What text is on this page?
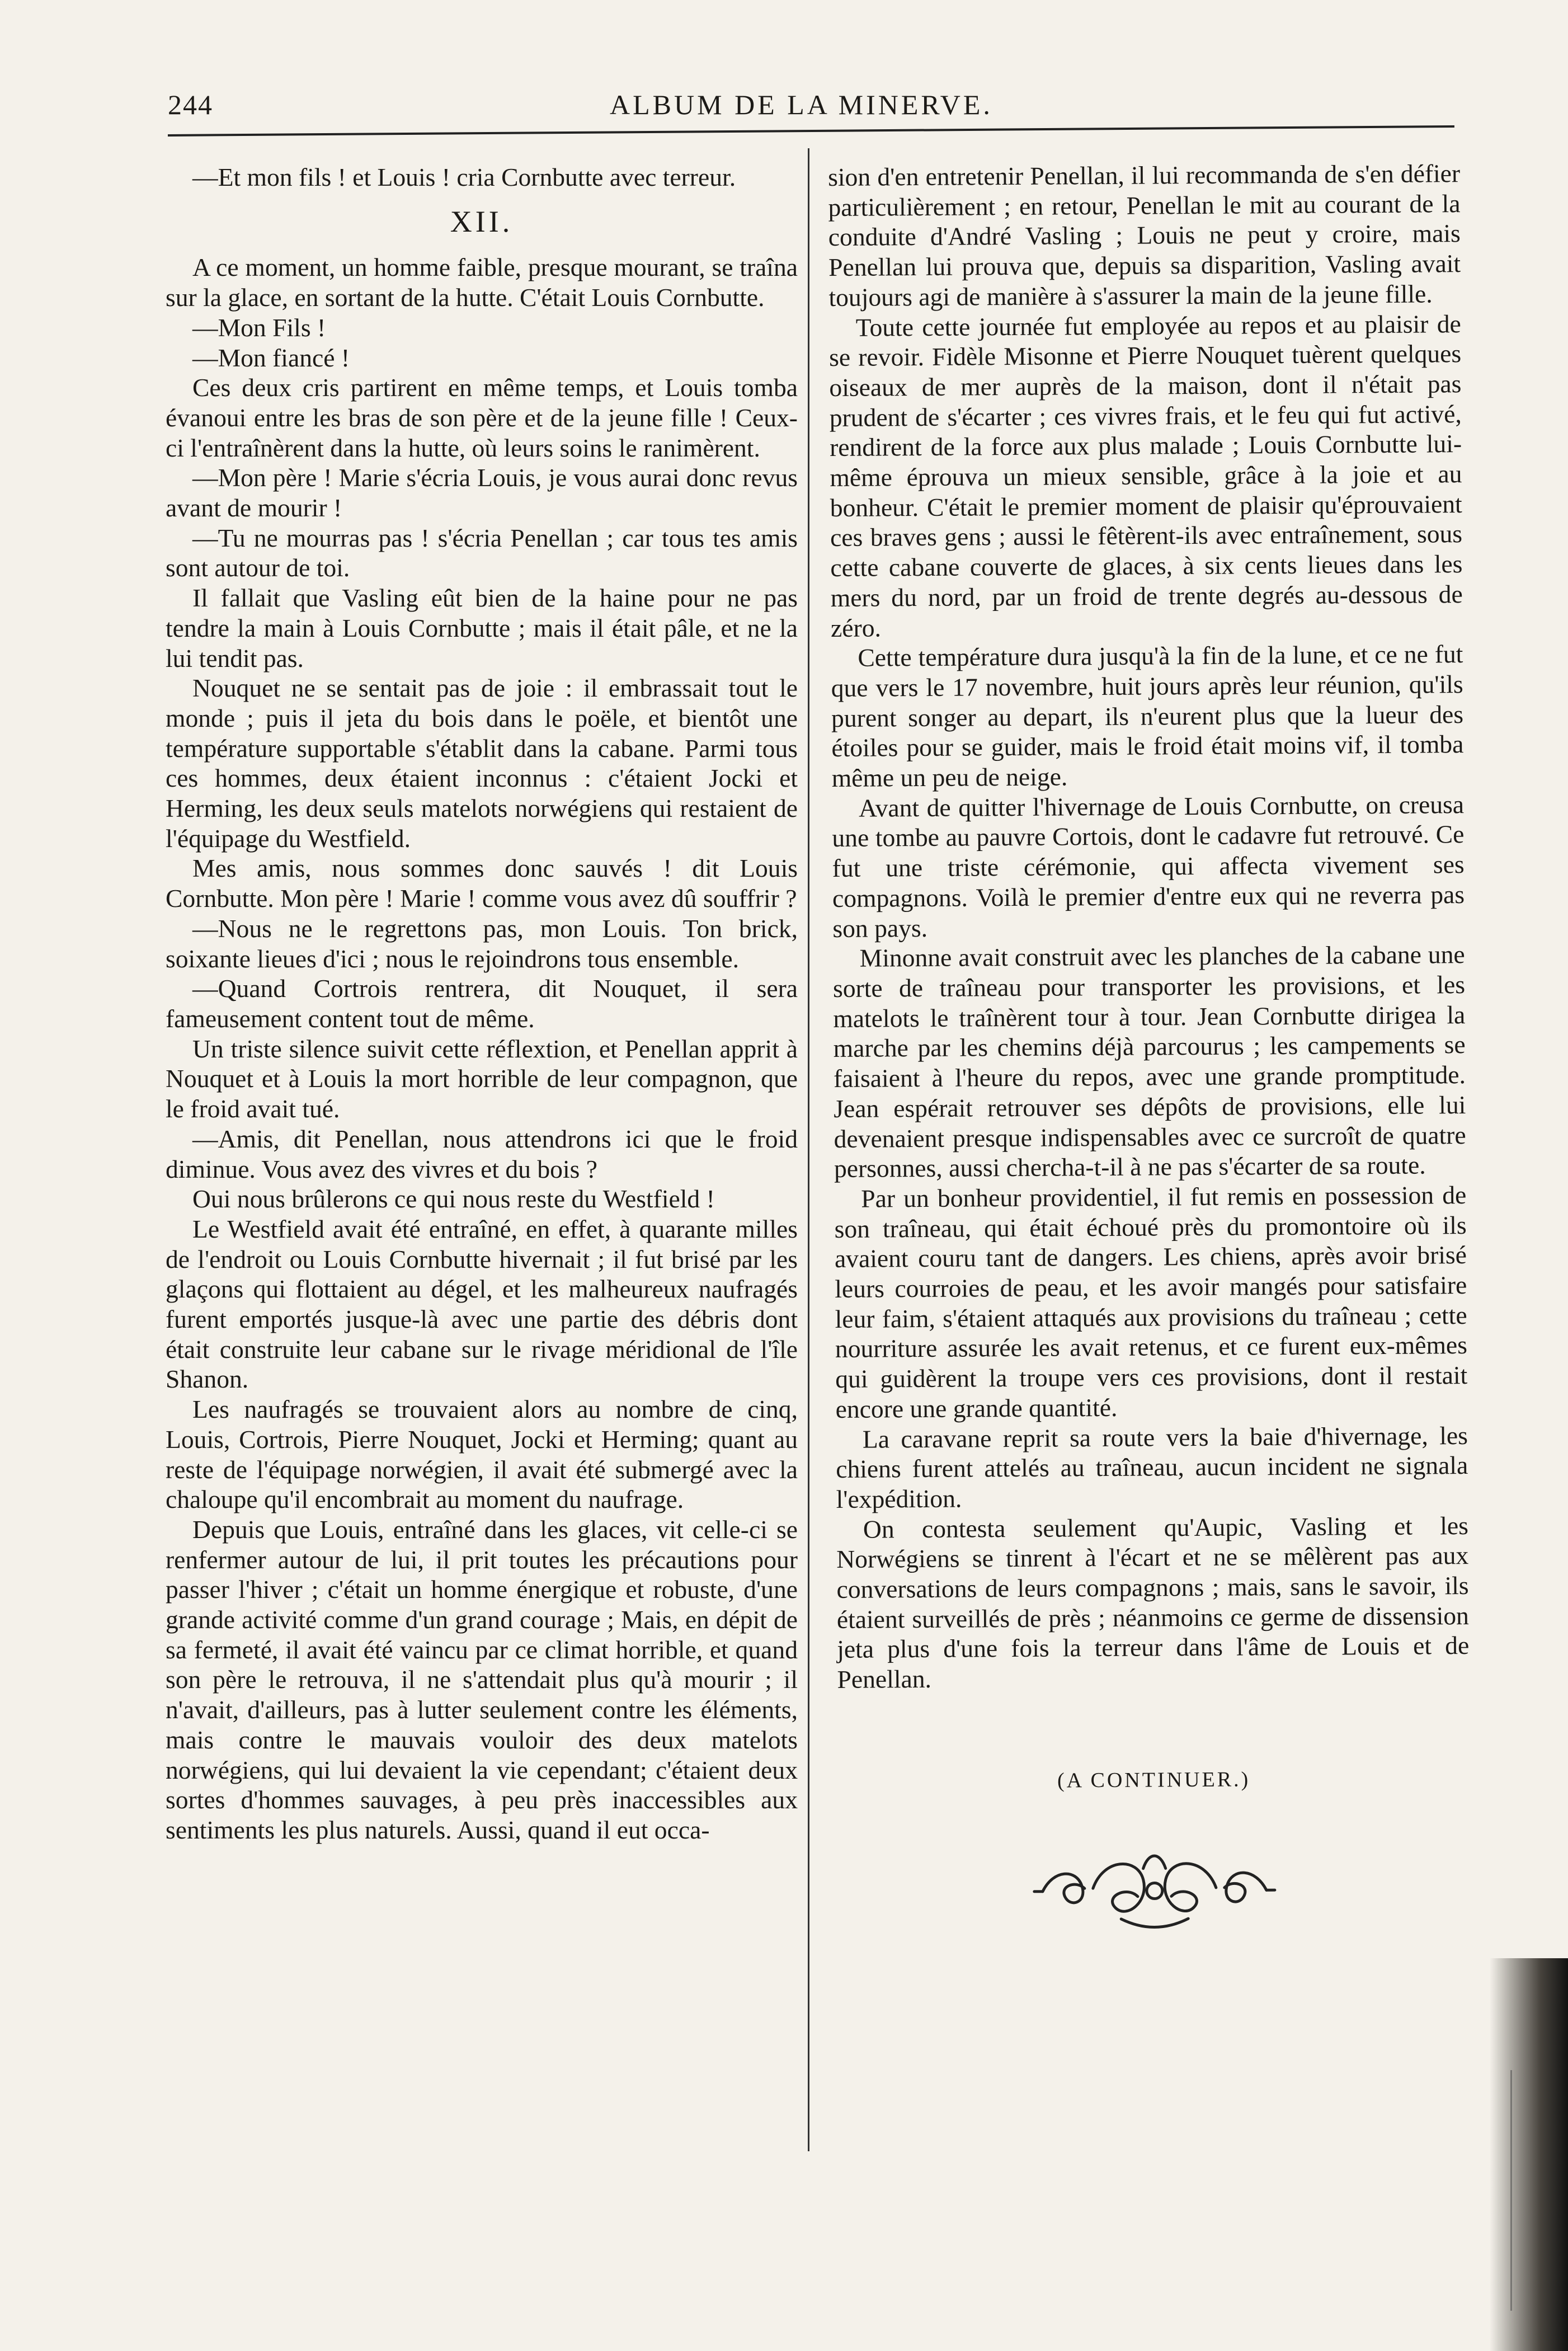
244	ALBUM DE LA MINERVE.

—Et mon fils ! et Louis ! cria Cornbutte avec terreur.

XII.

A ce moment, un homme faible, presque mourant, se traîna sur la glace, en sortant de la hutte. C'était Louis Cornbutte.

—Mon Fils !

—Mon fiancé !

Ces deux cris partirent en même temps, et Louis tomba évanoui entre les bras de son père et de la jeune fille ! Ceux-ci l'entraînèrent dans la hutte, où leurs soins le ranimèrent.

—Mon père ! Marie s'écria Louis, je vous aurai donc revus avant de mourir !

—Tu ne mourras pas ! s'écria Penellan ; car tous tes amis sont autour de toi.

Il fallait que Vasling eût bien de la haine pour ne pas tendre la main à Louis Cornbutte ; mais il était pâle, et ne la lui tendit pas.

Nouquet ne se sentait pas de joie : il embrassait tout le monde ; puis il jeta du bois dans le poële, et bientôt une température supportable s'établit dans la cabane. Parmi tous ces hommes, deux étaient inconnus : c'étaient Jocki et Herming, les deux seuls matelots norwégiens qui restaient de l'équipage du Westfield.

Mes amis, nous sommes donc sauvés ! dit Louis Cornbutte. Mon père ! Marie ! comme vous avez dû souffrir ?

—Nous ne le regrettons pas, mon Louis. Ton brick, soixante lieues d'ici ; nous le rejoindrons tous ensemble.

—Quand Cortrois rentrera, dit Nouquet, il sera fameusement content tout de même.

Un triste silence suivit cette réflextion, et Penellan apprit à Nouquet et à Louis la mort horrible de leur compagnon, que le froid avait tué.

—Amis, dit Penellan, nous attendrons ici que le froid diminue. Vous avez des vivres et du bois ?

Oui nous brûlerons ce qui nous reste du Westfield !

Le Westfield avait été entraîné, en effet, à quarante milles de l'endroit ou Louis Cornbutte hivernait ; il fut brisé par les glaçons qui flottaient au dégel, et les malheureux naufragés furent emportés jusque-là avec une partie des débris dont était construite leur cabane sur le rivage méridional de l'île Shanon.

Les naufragés se trouvaient alors au nombre de cinq, Louis, Cortrois, Pierre Nouquet, Jocki et Herming; quant au reste de l'équipage norwégien, il avait été submergé avec la chaloupe qu'il encombrait au moment du naufrage.

Depuis que Louis, entraîné dans les glaces, vit celle-ci se renfermer autour de lui, il prit toutes les précautions pour passer l'hiver ; c'était un homme énergique et robuste, d'une grande activité comme d'un grand courage ; Mais, en dépit de sa fermeté, il avait été vaincu par ce climat horrible, et quand son père le retrouva, il ne s'attendait plus qu'à mourir ; il n'avait, d'ailleurs, pas à lutter seulement contre les éléments, mais contre le mauvais vouloir des deux matelots norwégiens, qui lui devaient la vie cependant; c'étaient deux sortes d'hommes sauvages, à peu près inaccessibles aux sentiments les plus naturels. Aussi, quand il eut occa-

sion d'en entretenir Penellan, il lui recommanda de s'en défier particulièrement ; en retour, Penellan le mit au courant de la conduite d'André Vasling ; Louis ne peut y croire, mais Penellan lui prouva que, depuis sa disparition, Vasling avait toujours agi de manière à s'assurer la main de la jeune fille.

Toute cette journée fut employée au repos et au plaisir de se revoir. Fidèle Misonne et Pierre Nouquet tuèrent quelques oiseaux de mer auprès de la maison, dont il n'était pas prudent de s'écarter ; ces vivres frais, et le feu qui fut activé, rendirent de la force aux plus malade ; Louis Cornbutte lui-même éprouva un mieux sensible, grâce à la joie et au bonheur. C'était le premier moment de plaisir qu'éprouvaient ces braves gens ; aussi le fêtèrent-ils avec entraînement, sous cette cabane couverte de glaces, à six cents lieues dans les mers du nord, par un froid de trente degrés au-dessous de zéro.

Cette température dura jusqu'à la fin de la lune, et ce ne fut que vers le 17 novembre, huit jours après leur réunion, qu'ils purent songer au depart, ils n'eurent plus que la lueur des étoiles pour se guider, mais le froid était moins vif, il tomba même un peu de neige.

Avant de quitter l'hivernage de Louis Cornbutte, on creusa une tombe au pauvre Cortois, dont le cadavre fut retrouvé. Ce fut une triste cérémonie, qui affecta vivement ses compagnons. Voilà le premier d'entre eux qui ne reverra pas son pays.

Minonne avait construit avec les planches de la cabane une sorte de traîneau pour transporter les provisions, et les matelots le traînèrent tour à tour. Jean Cornbutte dirigea la marche par les chemins déjà parcourus ; les campements se faisaient à l'heure du repos, avec une grande promptitude. Jean espérait retrouver ses dépôts de provisions, elle lui devenaient presque indispensables avec ce surcroît de quatre personnes, aussi chercha-t-il à ne pas s'écarter de sa route.

Par un bonheur providentiel, il fut remis en possession de son traîneau, qui était échoué près du promontoire où ils avaient couru tant de dangers. Les chiens, après avoir brisé leurs courroies de peau, et les avoir mangés pour satisfaire leur faim, s'étaient attaqués aux provisions du traîneau ; cette nourriture assurée les avait retenus, et ce furent eux-mêmes qui guidèrent la troupe vers ces provisions, dont il restait encore une grande quantité.

La caravane reprit sa route vers la baie d'hivernage, les chiens furent attelés au traîneau, aucun incident ne signala l'expédition.

On contesta seulement qu'Aupic, Vasling et les Norwégiens se tinrent à l'écart et ne se mêlèrent pas aux conversations de leurs compagnons ; mais, sans le savoir, ils étaient surveillés de près ; néanmoins ce germe de dissension jeta plus d'une fois la terreur dans l'âme de Louis et de Penellan.

(A CONTINUER.)
